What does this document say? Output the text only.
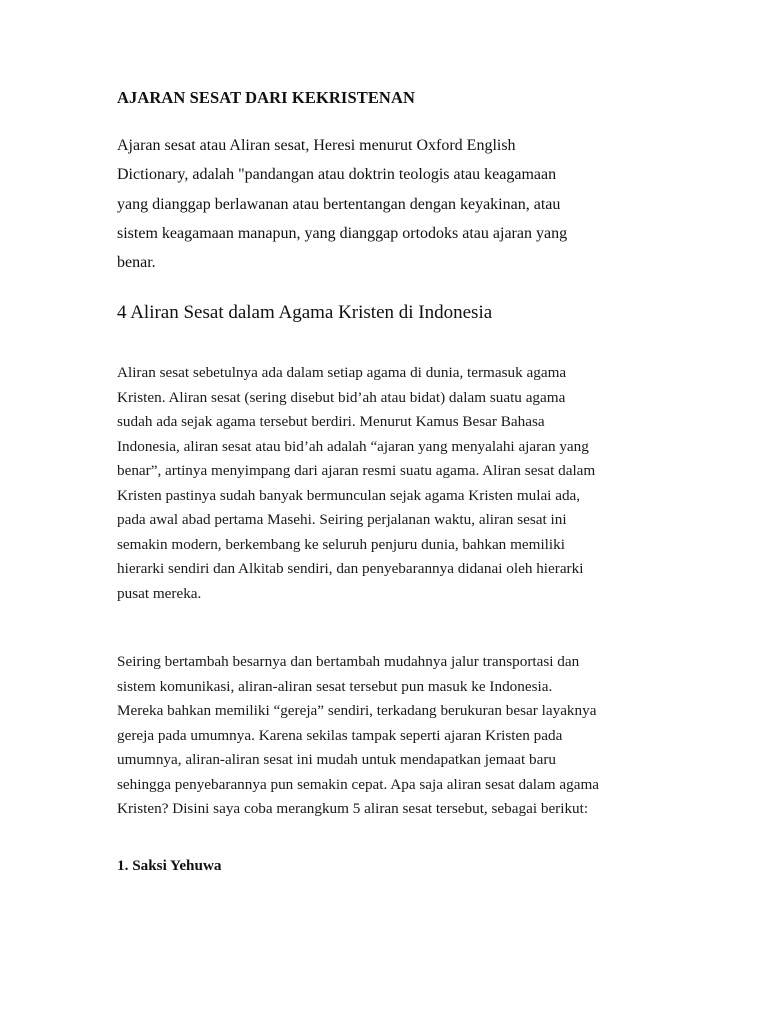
AJARAN SESAT DARI KEKRISTENAN

Ajaran sesat atau Aliran sesat, Heresi menurut Oxford English
Dictionary, adalah "pandangan atau doktrin teologis atau keagamaan
yang dianggap berlawanan atau bertentangan dengan keyakinan, atau
sistem keagamaan manapun, yang dianggap ortodoks atau ajaran yang
benar.

4 Aliran Sesat dalam Agama Kristen di Indonesia

Aliran sesat sebetulnya ada dalam setiap agama di dunia, termasuk agama
Kristen. Aliran sesat (sering disebut bid’ah atau bidat) dalam suatu agama
sudah ada sejak agama tersebut berdiri. Menurut Kamus Besar Bahasa
Indonesia, aliran sesat atau bid’ah adalah “ajaran yang menyalahi ajaran yang
benar”, artinya menyimpang dari ajaran resmi suatu agama. Aliran sesat dalam
Kristen pastinya sudah banyak bermunculan sejak agama Kristen mulai ada,
pada awal abad pertama Masehi. Seiring perjalanan waktu, aliran sesat ini
semakin modern, berkembang ke seluruh penjuru dunia, bahkan memiliki
hierarki sendiri dan Alkitab sendiri, dan penyebarannya didanai oleh hierarki
pusat mereka.

Seiring bertambah besarnya dan bertambah mudahnya jalur transportasi dan
sistem komunikasi, aliran-aliran sesat tersebut pun masuk ke Indonesia.
Mereka bahkan memiliki “gereja” sendiri, terkadang berukuran besar layaknya
gereja pada umumnya. Karena sekilas tampak seperti ajaran Kristen pada
umumnya, aliran-aliran sesat ini mudah untuk mendapatkan jemaat baru
sehingga penyebarannya pun semakin cepat. Apa saja aliran sesat dalam agama
Kristen? Disini saya coba merangkum 5 aliran sesat tersebut, sebagai berikut:

1. Saksi Yehuwa
